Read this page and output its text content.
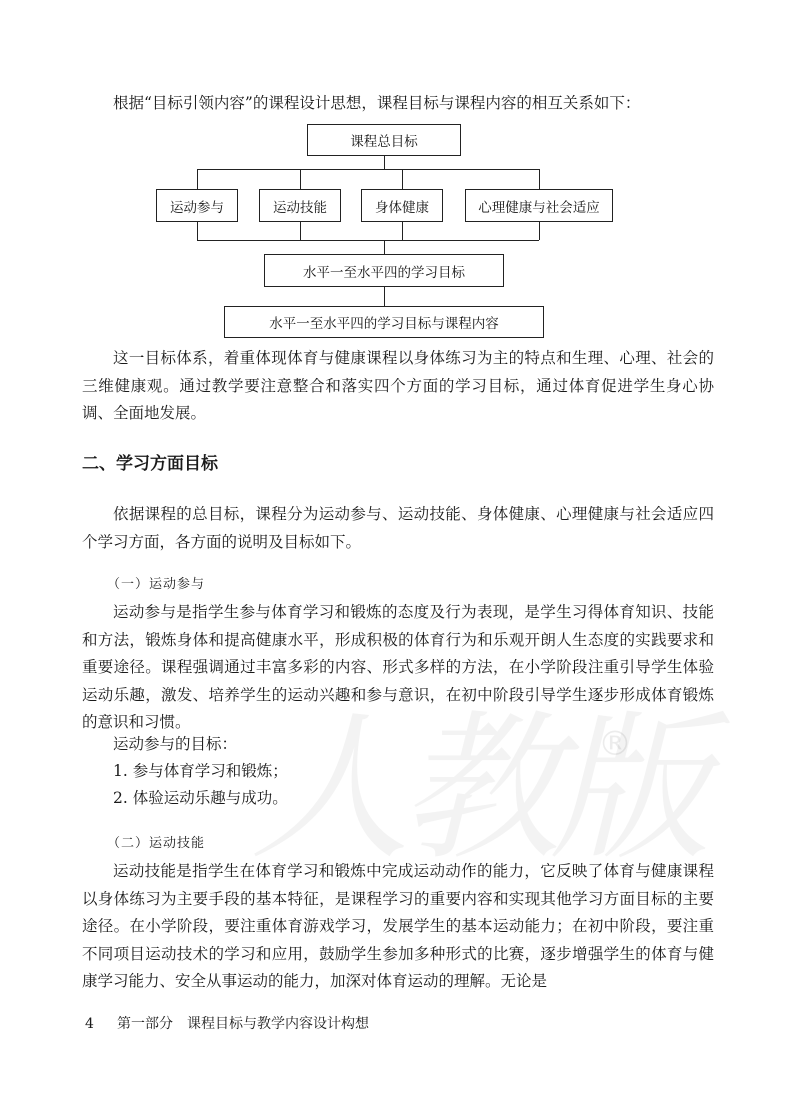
®
根据“目标引领内容”的课程设计思想，课程目标与课程内容的相互关系如下：
课程总目标
运动参与	运动技能	身体健康	心理健康与社会适应
水平一至水平四的学习目标
水平一至水平四的学习目标与课程内容

这一目标体系，着重体现体育与健康课程以身体练习为主的特点和生理、心理、社会的三维健康观。通过教学要注意整合和落实四个方面的学习目标，通过体育促进学生身心协调、全面地发展。

二、学习方面目标

依据课程的总目标，课程分为运动参与、运动技能、身体健康、心理健康与社会适应四个学习方面，各方面的说明及目标如下。

（一）运动参与

运动参与是指学生参与体育学习和锻炼的态度及行为表现，是学生习得体育知识、技能和方法，锻炼身体和提高健康水平，形成积极的体育行为和乐观开朗人生态度的实践要求和重要途径。课程强调通过丰富多彩的内容、形式多样的方法，在小学阶段注重引导学生体验运动乐趣，激发、培养学生的运动兴趣和参与意识，在初中阶段引导学生逐步形成体育锻炼的意识和习惯。

运动参与的目标：
1. 参与体育学习和锻炼；
2. 体验运动乐趣与成功。
（二）运动技能

运动技能是指学生在体育学习和锻炼中完成运动动作的能力，它反映了体育与健康课程以身体练习为主要手段的基本特征，是课程学习的重要内容和实现其他学习方面目标的主要途径。在小学阶段，要注重体育游戏学习，发展学生的基本运动能力；在初中阶段，要注重不同项目运动技术的学习和应用，鼓励学生参加多种形式的比赛，逐步增强学生的体育与健康学习能力、安全从事运动的能力，加深对体育运动的理解。无论是

4 第一部分　课程目标与教学内容设计构想
